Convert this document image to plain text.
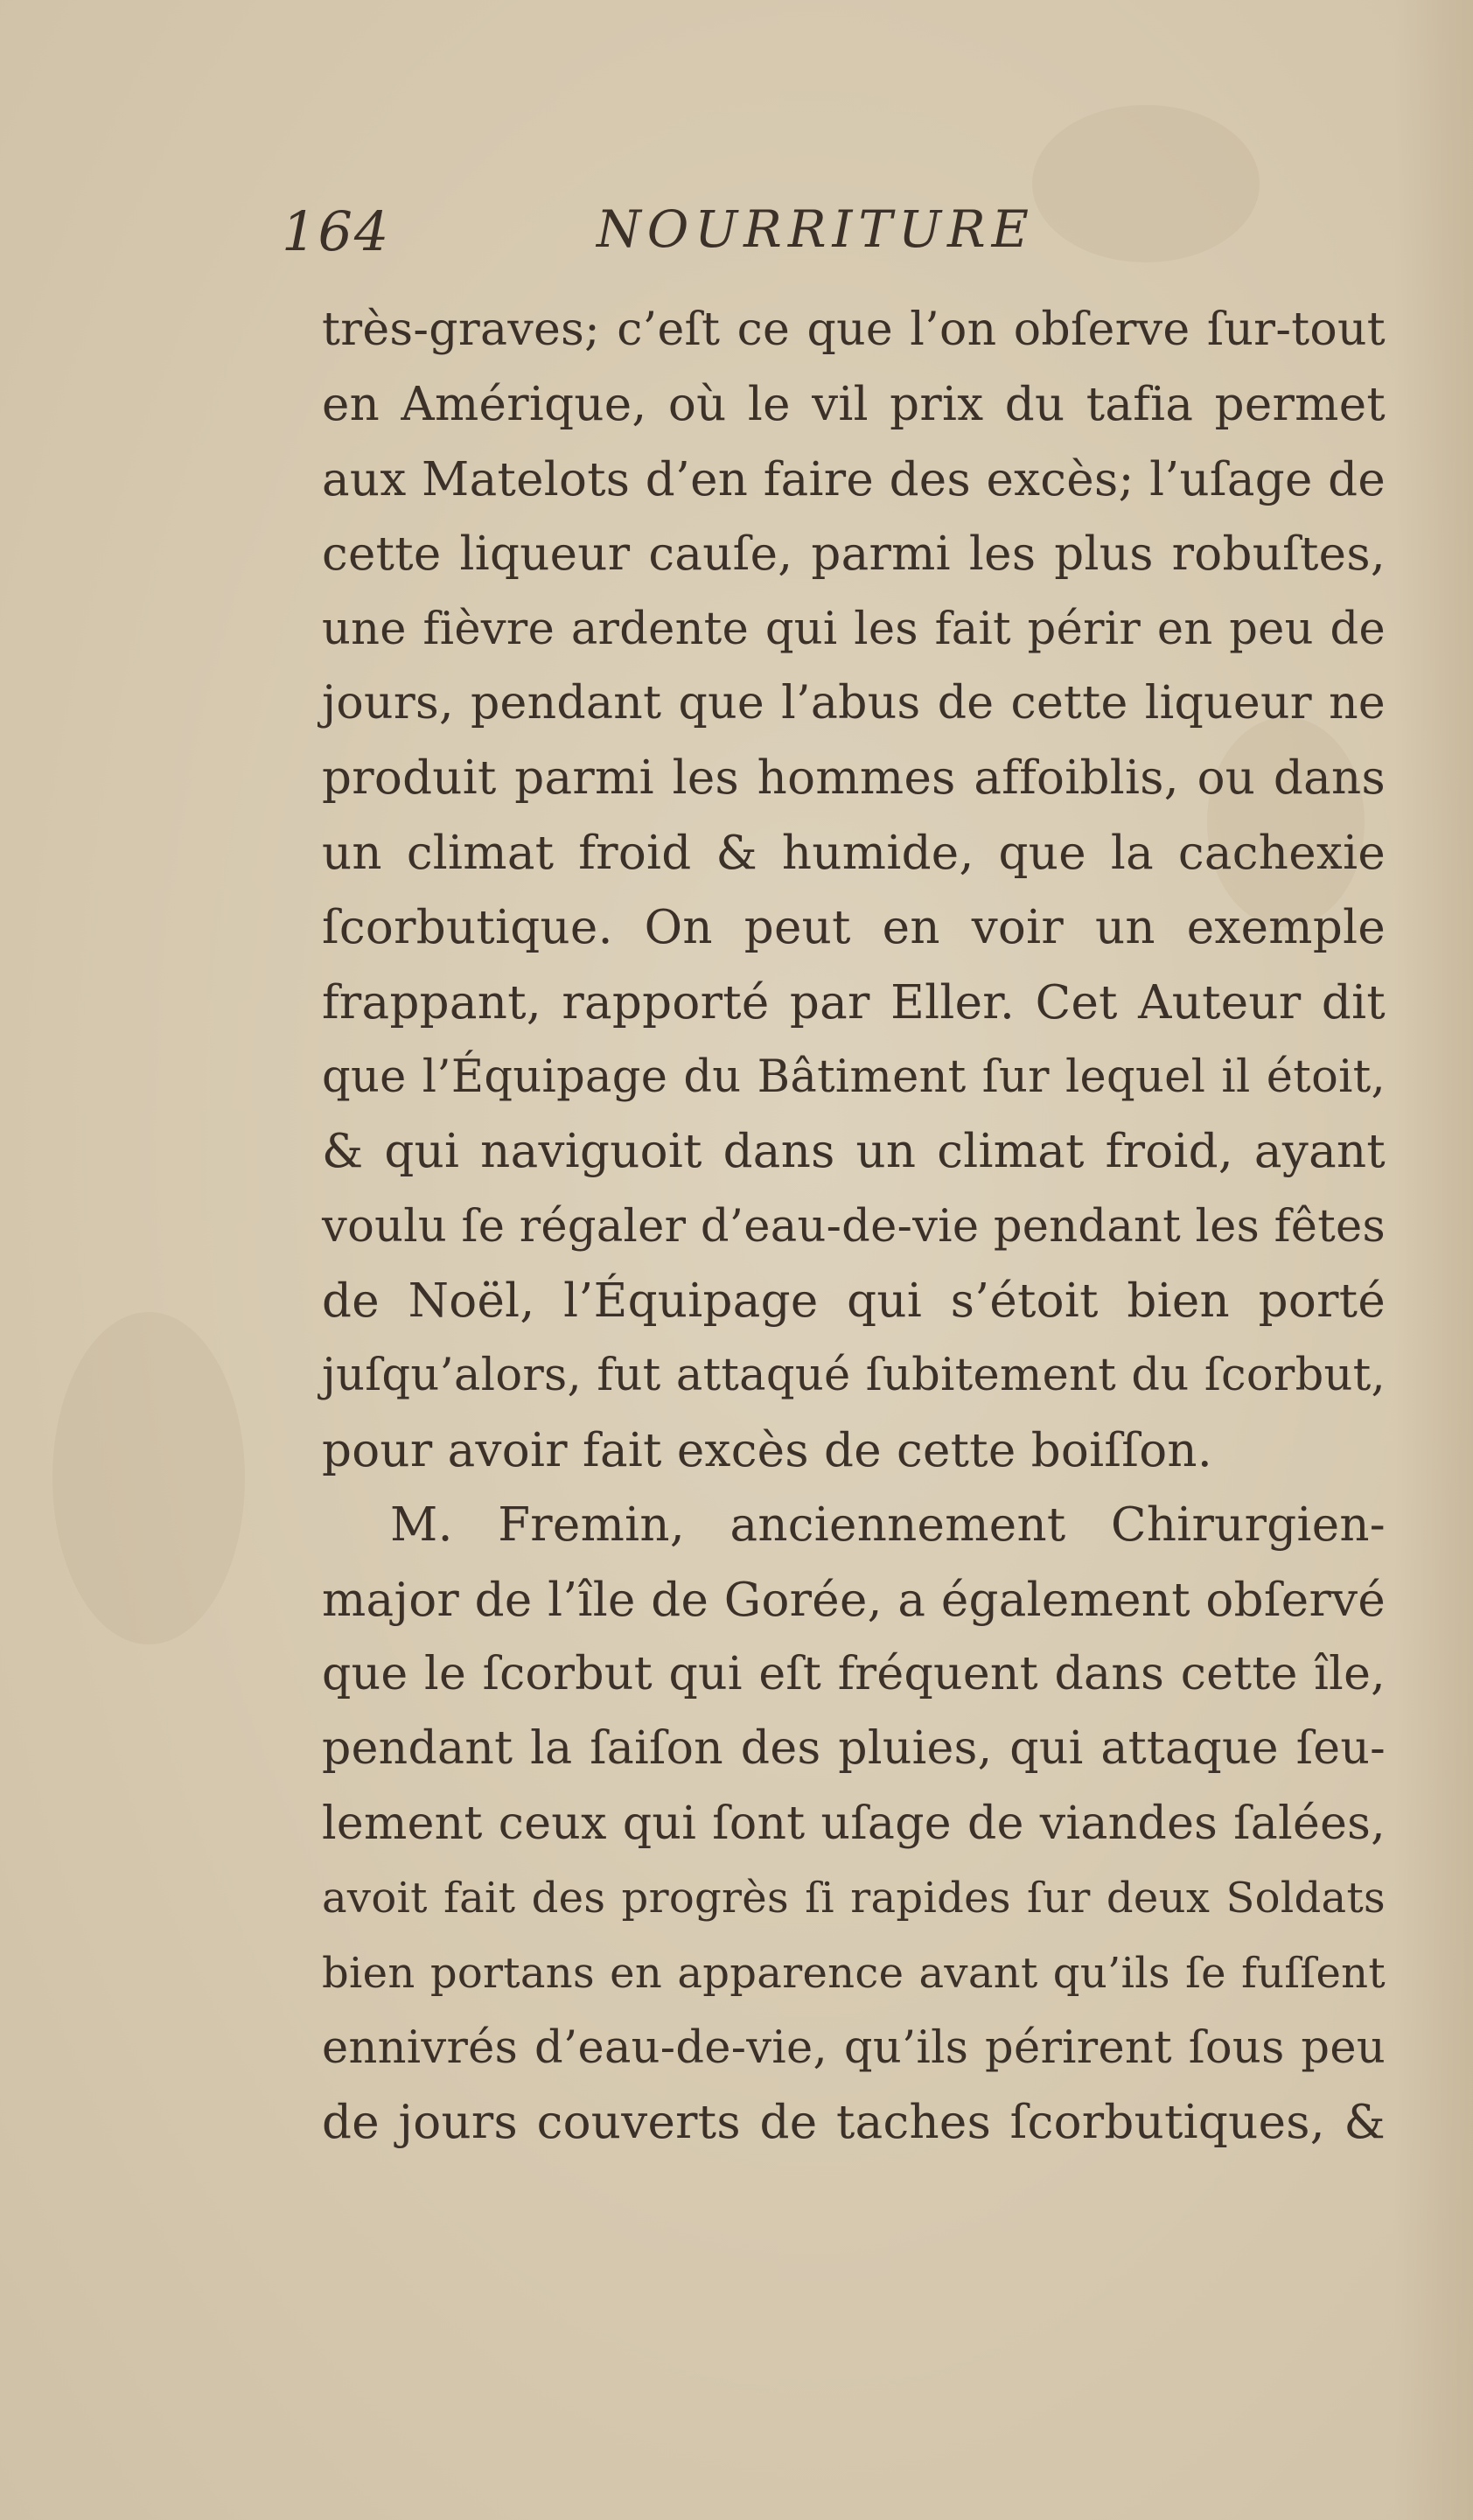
164	NOURRITURE
très-graves; c’eſt ce que l’on obſerve ſur-tout
en Amérique, où le vil prix du tafia permet
aux Matelots d’en faire des excès; l’uſage de
cette liqueur cauſe, parmi les plus robuſtes,
une fièvre ardente qui les fait périr en peu de
jours, pendant que l’abus de cette liqueur ne
produit parmi les hommes affoiblis, ou dans
un climat froid & humide, que la cachexie
ſcorbutique. On peut en voir un exemple
frappant, rapporté par Eller. Cet Auteur dit
que l’Équipage du Bâtiment ſur lequel il étoit,
& qui naviguoit dans un climat froid, ayant
voulu ſe régaler d’eau-de-vie pendant les fêtes
de Noël, l’Équipage qui s’étoit bien porté
juſqu’alors, fut attaqué ſubitement du ſcorbut,
pour avoir fait excès de cette boiſſon.
M. Fremin, anciennement Chirurgien-
major de l’île de Gorée, a également obſervé
que le ſcorbut qui eſt fréquent dans cette île,
pendant la ſaiſon des pluies, qui attaque ſeu-
lement ceux qui ſont uſage de viandes ſalées,
avoit fait des progrès ſi rapides ſur deux Soldats
bien portans en apparence avant qu’ils ſe fuſſent
ennivrés d’eau-de-vie, qu’ils périrent ſous peu
de jours couverts de taches ſcorbutiques, &
